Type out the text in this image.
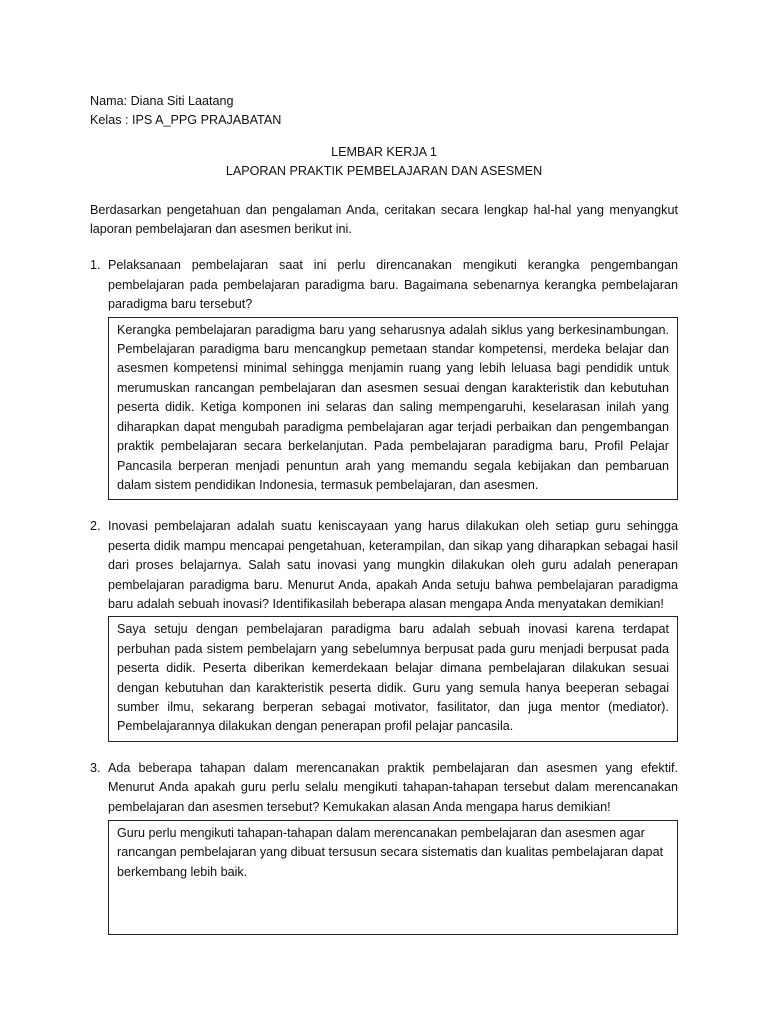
Nama: Diana Siti Laatang

Kelas : IPS A_PPG PRAJABATAN

LEMBAR KERJA 1

LAPORAN PRAKTIK PEMBELAJARAN DAN ASESMEN

Berdasarkan pengetahuan dan pengalaman Anda, ceritakan secara lengkap hal-hal yang menyangkut laporan pembelajaran dan asesmen berikut ini.

1. Pelaksanaan pembelajaran saat ini perlu direncanakan mengikuti kerangka pengembangan pembelajaran pada pembelajaran paradigma baru. Bagaimana sebenarnya kerangka pembelajaran paradigma baru tersebut?
Kerangka pembelajaran paradigma baru yang seharusnya adalah siklus yang berkesinambungan. Pembelajaran paradigma baru mencangkup pemetaan standar kompetensi, merdeka belajar dan asesmen kompetensi minimal sehingga menjamin ruang yang lebih leluasa bagi pendidik untuk merumuskan rancangan pembelajaran dan asesmen sesuai dengan karakteristik dan kebutuhan peserta didik. Ketiga komponen ini selaras dan saling mempengaruhi, keselarasan inilah yang diharapkan dapat mengubah paradigma pembelajaran agar terjadi perbaikan dan pengembangan praktik pembelajaran secara berkelanjutan. Pada pembelajaran paradigma baru, Profil Pelajar Pancasila berperan menjadi penuntun arah yang memandu segala kebijakan dan pembaruan dalam sistem pendidikan Indonesia, termasuk pembelajaran, dan asesmen.
2. Inovasi pembelajaran adalah suatu keniscayaan yang harus dilakukan oleh setiap guru sehingga peserta didik mampu mencapai pengetahuan, keterampilan, dan sikap yang diharapkan sebagai hasil dari proses belajarnya. Salah satu inovasi yang mungkin dilakukan oleh guru adalah penerapan pembelajaran paradigma baru. Menurut Anda, apakah Anda setuju bahwa pembelajaran paradigma baru adalah sebuah inovasi? Identifikasilah beberapa alasan mengapa Anda menyatakan demikian!
Saya setuju dengan pembelajaran paradigma baru adalah sebuah inovasi karena terdapat perbuhan pada sistem pembelajarn yang sebelumnya berpusat pada guru menjadi berpusat pada peserta didik. Peserta diberikan kemerdekaan belajar dimana pembelajaran dilakukan sesuai dengan kebutuhan dan karakteristik peserta didik. Guru yang semula hanya beeperan sebagai sumber ilmu, sekarang berperan sebagai motivator, fasilitator, dan juga mentor (mediator). Pembelajarannya dilakukan dengan penerapan profil pelajar pancasila.
3. Ada beberapa tahapan dalam merencanakan praktik pembelajaran dan asesmen yang efektif. Menurut Anda apakah guru perlu selalu mengikuti tahapan-tahapan tersebut dalam merencanakan pembelajaran dan asesmen tersebut? Kemukakan alasan Anda mengapa harus demikian!
Guru perlu mengikuti tahapan-tahapan dalam merencanakan pembelajaran dan asesmen agar rancangan pembelajaran yang dibuat tersusun secara sistematis dan kualitas pembelajaran dapat berkembang lebih baik.
